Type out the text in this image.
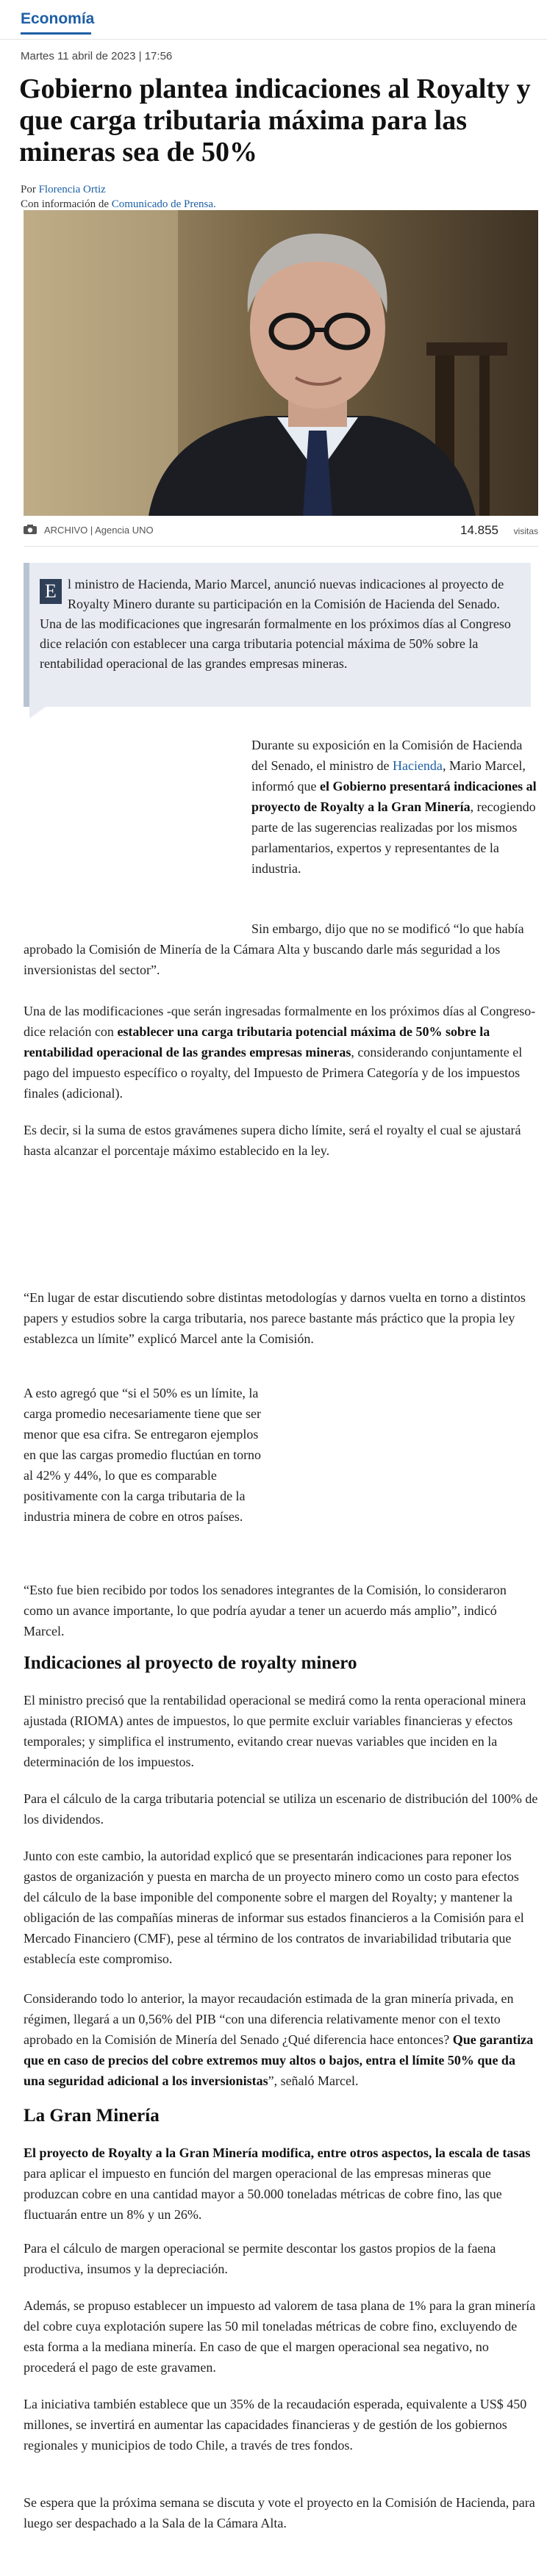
Economía
Martes 11 abril de 2023 | 17:56
Gobierno plantea indicaciones al Royalty y que carga tributaria máxima para las mineras sea de 50%
Por Florencia Ortiz
Con información de Comunicado de Prensa.
ARCHIVO | Agencia UNO	14.855 visitas
E l ministro de Hacienda, Mario Marcel, anunció nuevas indicaciones al proyecto de Royalty Minero durante su participación en la Comisión de Hacienda del Senado. Una de las modificaciones que ingresarán formalmente en los próximos días al Congreso dice relación con establecer una carga tributaria potencial máxima de 50% sobre la rentabilidad operacional de las grandes empresas mineras.
Durante su exposición en la Comisión de Hacienda del Senado, el ministro de Hacienda, Mario Marcel, informó que el Gobierno presentará indicaciones al proyecto de Royalty a la Gran Minería, recogiendo parte de las sugerencias realizadas por los mismos parlamentarios, expertos y representantes de la industria.
Sin embargo, dijo que no se modificó “lo que había aprobado la Comisión de Minería de la Cámara Alta y buscando darle más seguridad a los inversionistas del sector”.
Una de las modificaciones -que serán ingresadas formalmente en los próximos días al Congreso- dice relación con establecer una carga tributaria potencial máxima de 50% sobre la rentabilidad operacional de las grandes empresas mineras, considerando conjuntamente el pago del impuesto específico o royalty, del Impuesto de Primera Categoría y de los impuestos finales (adicional).
Es decir, si la suma de estos gravámenes supera dicho límite, será el royalty el cual se ajustará hasta alcanzar el porcentaje máximo establecido en la ley.
“En lugar de estar discutiendo sobre distintas metodologías y darnos vuelta en torno a distintos papers y estudios sobre la carga tributaria, nos parece bastante más práctico que la propia ley establezca un límite” explicó Marcel ante la Comisión.
A esto agregó que “si el 50% es un límite, la carga promedio necesariamente tiene que ser menor que esa cifra. Se entregaron ejemplos en que las cargas promedio fluctúan en torno al 42% y 44%, lo que es comparable positivamente con la carga tributaria de la industria minera de cobre en otros países.
“Esto fue bien recibido por todos los senadores integrantes de la Comisión, lo consideraron como un avance importante, lo que podría ayudar a tener un acuerdo más amplio”, indicó Marcel.
Indicaciones al proyecto de royalty minero
El ministro precisó que la rentabilidad operacional se medirá como la renta operacional minera ajustada (RIOMA) antes de impuestos, lo que permite excluir variables financieras y efectos temporales; y simplifica el instrumento, evitando crear nuevas variables que inciden en la determinación de los impuestos.
Para el cálculo de la carga tributaria potencial se utiliza un escenario de distribución del 100% de los dividendos.
Junto con este cambio, la autoridad explicó que se presentarán indicaciones para reponer los gastos de organización y puesta en marcha de un proyecto minero como un costo para efectos del cálculo de la base imponible del componente sobre el margen del Royalty; y mantener la obligación de las compañías mineras de informar sus estados financieros a la Comisión para el Mercado Financiero (CMF), pese al término de los contratos de invariabilidad tributaria que establecía este compromiso.
Considerando todo lo anterior, la mayor recaudación estimada de la gran minería privada, en régimen, llegará a un 0,56% del PIB “con una diferencia relativamente menor con el texto aprobado en la Comisión de Minería del Senado ¿Qué diferencia hace entonces? Que garantiza que en caso de precios del cobre extremos muy altos o bajos, entra el límite 50% que da una seguridad adicional a los inversionistas”, señaló Marcel.
La Gran Minería
El proyecto de Royalty a la Gran Minería modifica, entre otros aspectos, la escala de tasas para aplicar el impuesto en función del margen operacional de las empresas mineras que produzcan cobre en una cantidad mayor a 50.000 toneladas métricas de cobre fino, las que fluctuarán entre un 8% y un 26%.
Para el cálculo de margen operacional se permite descontar los gastos propios de la faena productiva, insumos y la depreciación.
Además, se propuso establecer un impuesto ad valorem de tasa plana de 1% para la gran minería del cobre cuya explotación supere las 50 mil toneladas métricas de cobre fino, excluyendo de esta forma a la mediana minería. En caso de que el margen operacional sea negativo, no procederá el pago de este gravamen.
La iniciativa también establece que un 35% de la recaudación esperada, equivalente a US$ 450 millones, se invertirá en aumentar las capacidades financieras y de gestión de los gobiernos regionales y municipios de todo Chile, a través de tres fondos.
Se espera que la próxima semana se discuta y vote el proyecto en la Comisión de Hacienda, para luego ser despachado a la Sala de la Cámara Alta.
